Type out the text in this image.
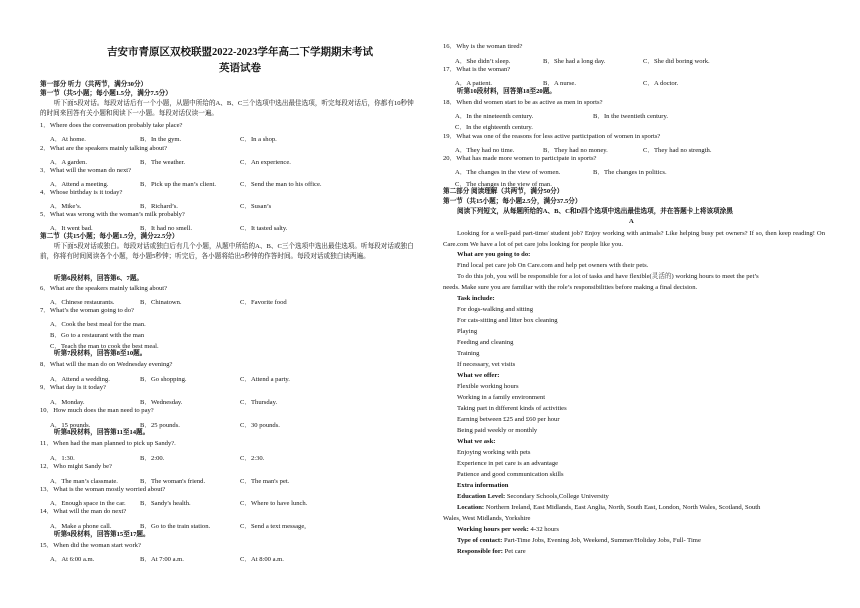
吉安市青原区双校联盟2022-2023学年高二下学期期末考试
英语试卷
第一部分 听力（共两节，满分30分）
第一节（共5小题；每小题1.5分，满分7.5分）
听下面5段对话。每段对话后有一个小题，从题中所给的A、B、C三个选项中选出最佳选项，听完每段对话后，你都有10秒钟的时间来回答有关小题和阅读下一小题。每段对话仅读一遍。
1．Where does the conversation probably take place?
A．At home.	B．In the gym.	C．In a shop.
2．What are the speakers mainly talking about?
A．A garden.	B．The weather.	C．An experience.
3．What will the woman do next?
A．Attend a meeting.	B．Pick up the man’s client.	C．Send the man to his office.
4．Whose birthday is it today?
A．Mike’s.	B．Richard’s.	C．Susan’s
5．What was wrong with the woman’s milk probably?
A．It went bad.	B．It had no smell.	C．It tasted salty.
第二节（共15小题；每小题1.5分，满分22.5分）
听下面5段对话或独白。每段对话或独白后有几个小题，从题中所给的A、B、C三个选项中选出最佳选项。听每段对话或独白前，你将有时间阅读各个小题，每小题5秒钟；听完后，各小题将给出5秒钟的作答时间。每段对话或独白读两遍。
听第6段材料，回答第6、7题。
6．What are the speakers mainly talking about?
A．Chinese restaurants.	B．Chinatown.	C．Favorite food
7．What’s the woman going to do?
A．Cook the best meal for the man.
B．Go to a restaurant with the man
C．Teach the man to cook the best meal.
听第7段材料，回答第8至10题。
8．What will the man do on Wednesday evening?
A．Attend a wedding.	B．Go shopping.	C．Attend a party.
9．What day is it today?
A．Monday.	B．Wednesday.	C．Thursday.
10．How much does the man need to pay?
A．15 pounds.	B．25 pounds.	C．30 pounds.
听第8段材料，回答第11至14题。
11．When had the man planned to pick up Sandy?.
A．1:30.	B．2:00.	C．2:30.
12．Who might Sandy be?
A．The man’s classmate.	B．The woman's friend.	C．The man's pet.
13．What is the woman mostly worried about?
A．Enough space in the car. B．Sandy's health.	C．Where to have lunch.
14．What will the man do next?
A．Make a phone call.	B．Go to the train station.	C．Send a text message,
听第9段材料，回答第15至17题。
15．When did the woman start work?
A．At 6:00 a.m.	B．At 7:00 a.m.	C．At 8:00 a.m.
16．Why is the woman tired?
A．She didn’t sleep.	B．She had a long day.	C．She did boring work.
17．What is the woman?
A．A patient.	B．A nurse.	C．A doctor.
听第10段材料，回答第18至20题。
18．When did women start to be as active as men in sports?
A．In the nineteenth century.	B．In the twentieth century.
C．In the eighteenth century.
19．What was one of the reasons for less active participation of women in sports?
A．They had no time.	B．They had no money.	C．They had no strength.
20．What has made more women to participate in sports?
A．The changes in the view of women.	B．The changes in politics.
C．The changes in the view of man.
第二部分 阅读理解（共两节，满分50分）
第一节（共15小题；每小题2.5分，满分37.5分）
阅读下列短文，从每题所给的A、B、C和D四个选项中选出最佳选项，并在答题卡上将该项涂黑
A
Looking for a well-paid part-time/ student job? Enjoy working with animals? Like helping busy pet owners? If so, then keep reading! On Care.com We have a lot of pet care jobs looking for people like you.
What are you going to do:
Find local pet care job On Care.com and help pet owners with their pets.
To do this job, you will be responsible for a lot of tasks and have flexible(灵活的) working hours to meet the pet’s
needs. Make sure you are familiar with the role’s responsibilities before making a final decision.
Task include:
For dogs-walking and sitting
For cats-sitting and litter box cleaning
Playing
Feeding and cleaning
Training
If necessary, vet visits
What we offer:
Flexible working hours
Working in a family environment
Taking part in different kinds of activities
Earning between £25 and £60 per hour
Being paid weekly or monthly
What we ask:
Enjoying working with pets
Experience in pet care is an advantage
Patience and good communication skills
Extra information
Education Level: Secondary Schools,College University
Location: Northern Ireland, East Midlands, East Anglia, North, South East, London, North Wales, Scotland, South
Wales, West Midlands, Yorkshire
Working hours per week: 4-32 hours
Type of contact: Part-Time Jobs, Evening Job, Weekend, Summer/Holiday Jobs, Full- Time
Responsible for: Pet care
